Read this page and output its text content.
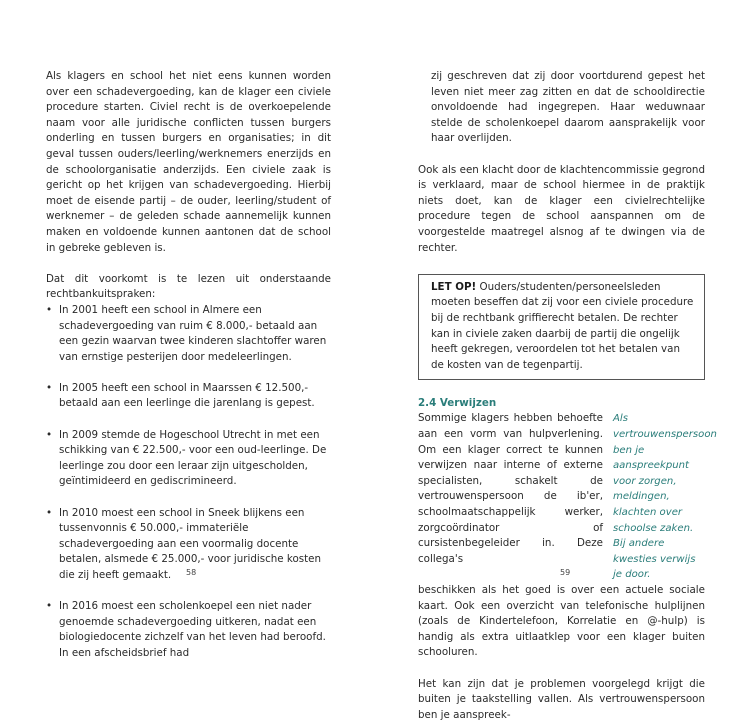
Als klagers en school het niet eens kunnen worden over een schadevergoeding, kan de klager een civiele procedure starten. Civiel recht is de overkoepelende naam voor alle juridische conflicten tussen burgers onderling en tussen burgers en organisaties; in dit geval tussen ouders/leerling/werknemers enerzijds en de schoolorganisatie anderzijds. Een civiele zaak is gericht op het krijgen van schadevergoeding. Hierbij moet de eisende partij – de ouder, leerling/student of werknemer – de geleden schade aannemelijk kunnen maken en voldoende kunnen aantonen dat de school in gebreke gebleven is.

Dat dit voorkomt is te lezen uit onderstaande rechtbankuitspraken:

• In 2001 heeft een school in Almere een schadevergoeding van ruim € 8.000,- betaald aan een gezin waarvan twee kinderen slachtoffer waren van ernstige pesterijen door medeleerlingen.
• In 2005 heeft een school in Maarssen € 12.500,- betaald aan een leerlinge die jarenlang is gepest.
• In 2009 stemde de Hogeschool Utrecht in met een schikking van € 22.500,- voor een oud-leerlinge. De leerlinge zou door een leraar zijn uitgescholden, geïntimideerd en gediscrimineerd.
• In 2010 moest een school in Sneek blijkens een tussenvonnis € 50.000,- immateriële schadevergoeding aan een voormalig docente betalen, alsmede € 25.000,- voor juridische kosten die zij heeft gemaakt.
• In 2016 moest een scholenkoepel een niet nader genoemde schadevergoeding uitkeren, nadat een biologiedocente zichzelf van het leven had beroofd. In een afscheidsbrief had
58

zij geschreven dat zij door voortdurend gepest het leven niet meer zag zitten en dat de schooldirectie onvoldoende had ingegrepen. Haar weduwnaar stelde de scholenkoepel daarom aansprakelijk voor haar overlijden.

Ook als een klacht door de klachtencommissie gegrond is verklaard, maar de school hiermee in de praktijk niets doet, kan de klager een civielrechtelijke procedure tegen de school aanspannen om de voorgestelde maatregel alsnog af te dwingen via de rechter.

LET OP! Ouders/studenten/personeelsleden moeten beseffen dat zij voor een civiele procedure bij de rechtbank griffierecht betalen. De rechter kan in civiele zaken daarbij de partij die ongelijk heeft gekregen, veroordelen tot het betalen van de kosten van de tegenpartij.
2.4 Verwijzen

Sommige klagers hebben behoefte aan een vorm van hulpverlening. Om een klager correct te kunnen verwijzen naar interne of externe specialisten, schakelt de vertrouwenspersoon de ib'er, schoolmaatschappelijk werker, zorgcoördinator of cursistenbegeleider in. Deze collega's

Als vertrouwenspersoon ben je aanspreekpunt voor zorgen, meldingen, klachten over schoolse zaken. Bij andere kwesties verwijs je door.

beschikken als het goed is over een actuele sociale kaart. Ook een overzicht van telefonische hulplijnen (zoals de Kindertelefoon, Korrelatie en @-hulp) is handig als extra uitlaatklep voor een klager buiten schooluren.

Het kan zijn dat je problemen voorgelegd krijgt die buiten je taakstelling vallen. Als vertrouwenspersoon ben je aanspreek-

59
